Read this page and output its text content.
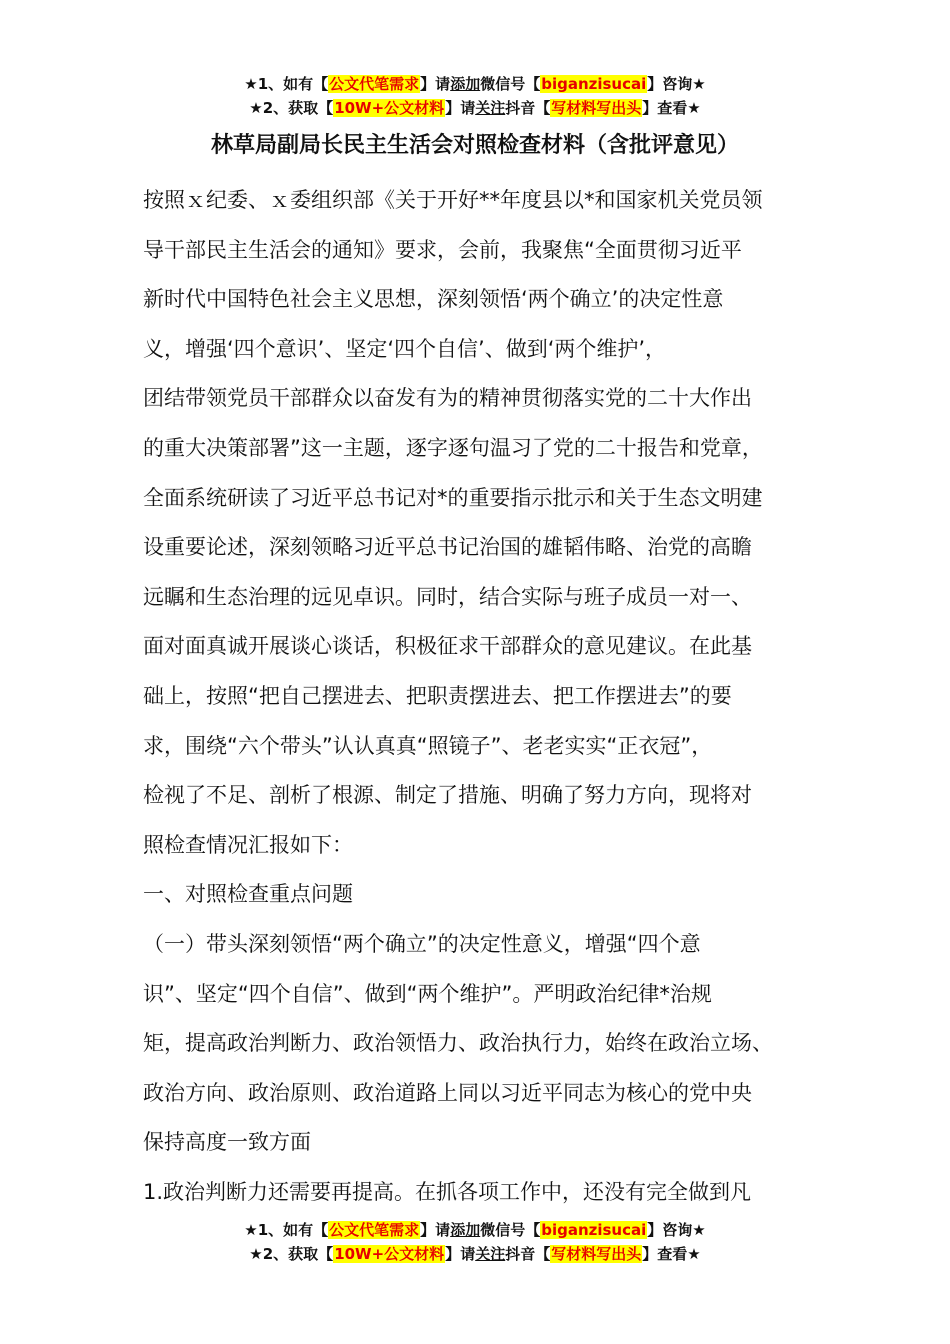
★1、如有【公文代笔需求】请添加微信号【biganzisucai】咨询★
★2、获取【10W+公文材料】请关注抖音【写材料写出头】查看★
林草局副局长民主生活会对照检查材料（含批评意见）
按照ｘ纪委、ｘ委组织部《关于开好**年度县以*和国家机关党员领
导干部民主生活会的通知》要求，会前，我聚焦“全面贯彻习近平
新时代中国特色社会主义思想，深刻领悟‘两个确立’的决定性意
义，增强‘四个意识’、坚定‘四个自信’、做到‘两个维护’，
团结带领党员干部群众以奋发有为的精神贯彻落实党的二十大作出
的重大决策部署”这一主题，逐字逐句温习了党的二十报告和党章，
全面系统研读了习近平总书记对*的重要指示批示和关于生态文明建
设重要论述，深刻领略习近平总书记治国的雄韬伟略、治党的高瞻
远瞩和生态治理的远见卓识。同时，结合实际与班子成员一对一、
面对面真诚开展谈心谈话，积极征求干部群众的意见建议。在此基
础上，按照“把自己摆进去、把职责摆进去、把工作摆进去”的要
求，围绕“六个带头”认认真真“照镜子”、老老实实“正衣冠”，
检视了不足、剖析了根源、制定了措施、明确了努力方向，现将对
照检查情况汇报如下：
一、对照检查重点问题
（一）带头深刻领悟“两个确立”的决定性意义，增强“四个意
识”、坚定“四个自信”、做到“两个维护”。严明政治纪律*治规
矩，提高政治判断力、政治领悟力、政治执行力，始终在政治立场、
政治方向、政治原则、政治道路上同以习近平同志为核心的党中央
保持高度一致方面
1.政治判断力还需要再提高。在抓各项工作中，还没有完全做到凡
★1、如有【公文代笔需求】请添加微信号【biganzisucai】咨询★
★2、获取【10W+公文材料】请关注抖音【写材料写出头】查看★
